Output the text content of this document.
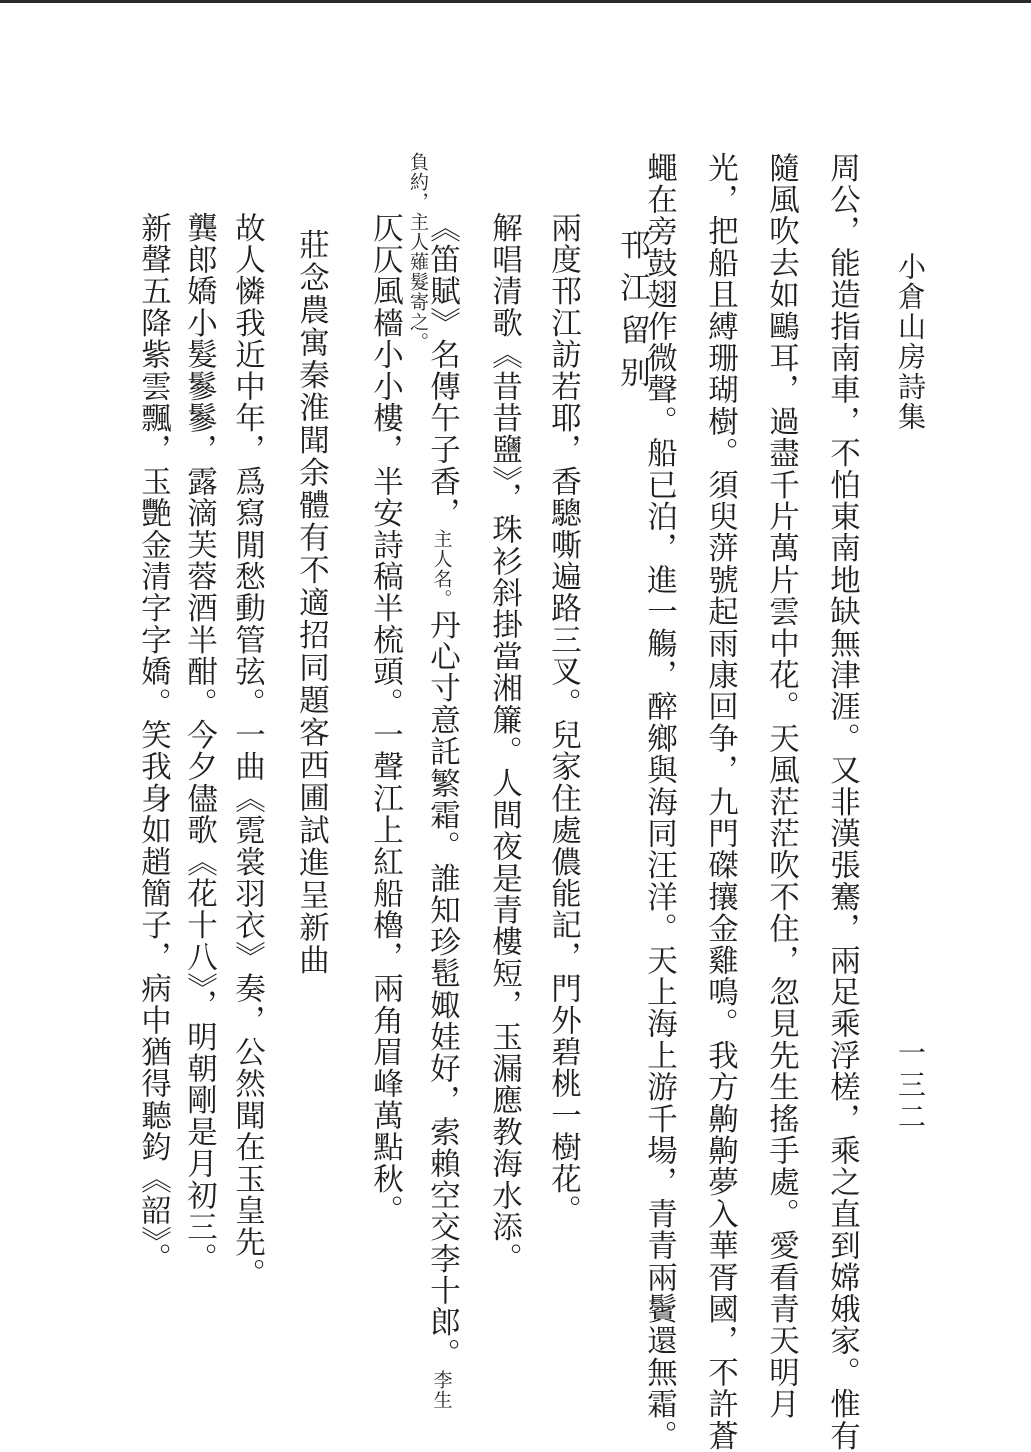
小倉山房詩集
一三二
周公，能造指南車，不怕東南地缺無津涯。又非漢張騫，兩足乘浮槎，乘之直到嫦娥家。惟有
隨風吹去如鷗耳，過盡千片萬片雲中花。天風茫茫吹不住，忽見先生搖手處。愛看青天明月
光，把船且縛珊瑚樹。須臾蓱號起雨康回争，九門磔攘金雞鳴。我方齁齁夢入華胥國，不許蒼
蠅在旁鼓翅作微聲。船已泊，進一觴，醉鄉與海同汪洋。天上海上游千場，青青兩鬢還無霜。
邗江留别
兩度邗江訪若耶，香驄嘶遍路三叉。兒家住處儂能記，門外碧桃一樹花。
解唱清歌《昔昔鹽》，珠衫斜掛當湘簾。人間夜是青樓短，玉漏應教海水添。
《笛賦》名傳午子香，主人名。丹心寸意託繁霜。誰知珍髢娵娃好，索賴空交李十郎。李生
負約，主人薙髮寄之。
仄仄風檣小小樓，半安詩稿半梳頭。一聲江上紅船櫓，兩角眉峰萬點秋。
莊念農寓秦淮聞余體有不適招同題客西圃試進呈新曲
故人憐我近中年，爲寫閒愁動管弦。一曲《霓裳羽衣》奏，公然聞在玉皇先。
龔郎嬌小髮鬖鬖，露滴芙蓉酒半酣。今夕儘歌《花十八》，明朝剛是月初三。
新聲五降紫雲飄，玉艷金清字字嬌。笑我身如趙簡子，病中猶得聽鈞《韶》。
